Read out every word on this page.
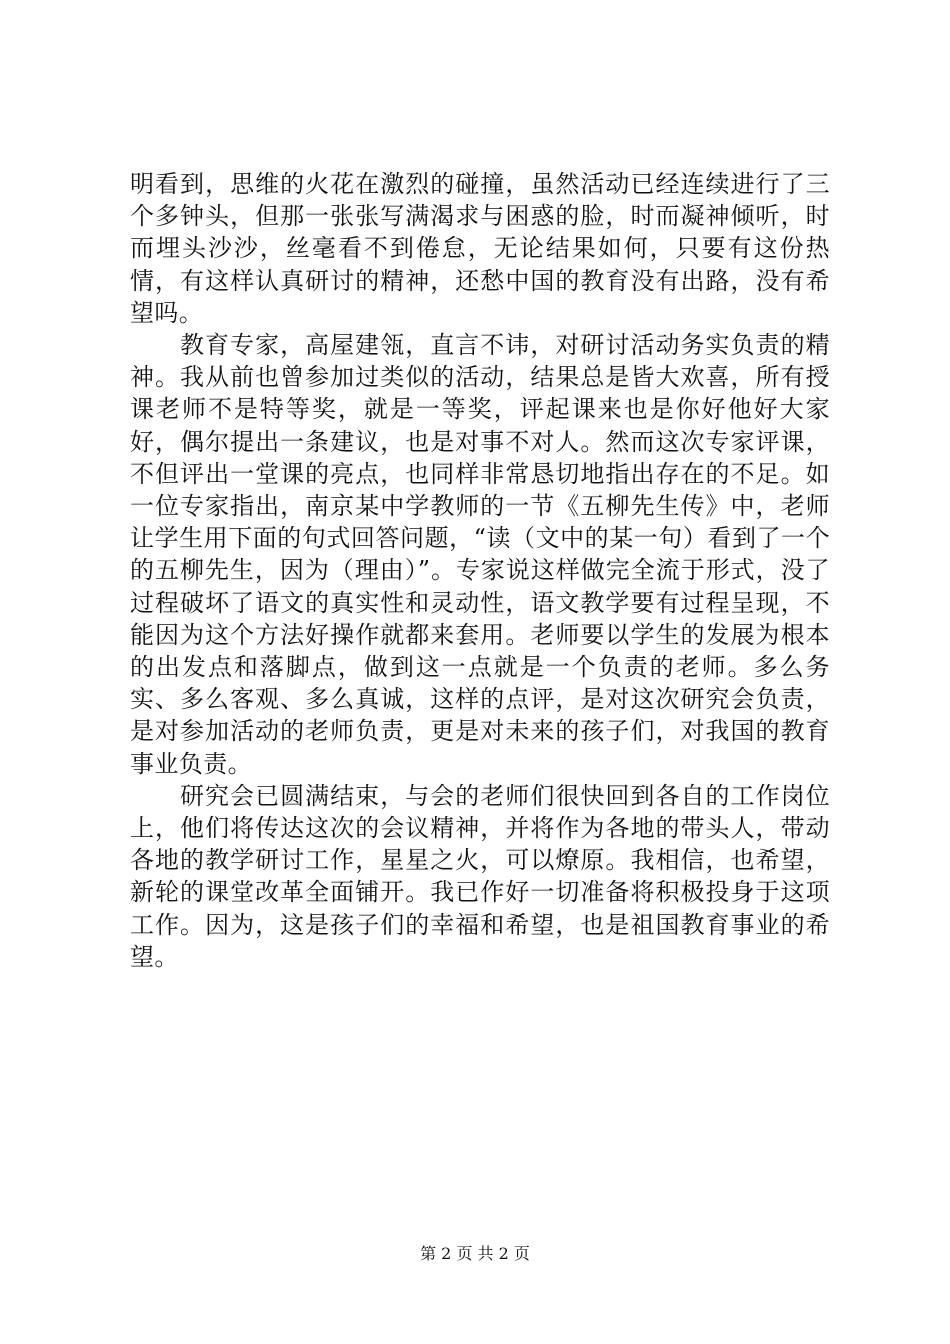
明看到，思维的火花在激烈的碰撞，虽然活动已经连续进行了三个多钟头，但那一张张写满渴求与困惑的脸，时而凝神倾听，时而埋头沙沙，丝毫看不到倦怠，无论结果如何，只要有这份热情，有这样认真研讨的精神，还愁中国的教育没有出路，没有希望吗。

教育专家，高屋建瓴，直言不讳，对研讨活动务实负责的精神。我从前也曾参加过类似的活动，结果总是皆大欢喜，所有授课老师不是特等奖，就是一等奖，评起课来也是你好他好大家好，偶尔提出一条建议，也是对事不对人。然而这次专家评课，不但评出一堂课的亮点，也同样非常恳切地指出存在的不足。如一位专家指出，南京某中学教师的一节《五柳先生传》中，老师让学生用下面的句式回答问题，“读（文中的某一句）看到了一个的五柳先生，因为（理由）”。专家说这样做完全流于形式，没了过程破坏了语文的真实性和灵动性，语文教学要有过程呈现，不能因为这个方法好操作就都来套用。老师要以学生的发展为根本的出发点和落脚点，做到这一点就是一个负责的老师。多么务实、多么客观、多么真诚，这样的点评，是对这次研究会负责，是对参加活动的老师负责，更是对未来的孩子们，对我国的教育事业负责。

研究会已圆满结束，与会的老师们很快回到各自的工作岗位上，他们将传达这次的会议精神，并将作为各地的带头人，带动各地的教学研讨工作，星星之火，可以燎原。我相信，也希望，新轮的课堂改革全面铺开。我已作好一切准备将积极投身于这项工作。因为，这是孩子们的幸福和希望，也是祖国教育事业的希望。

第 2 页 共 2 页
